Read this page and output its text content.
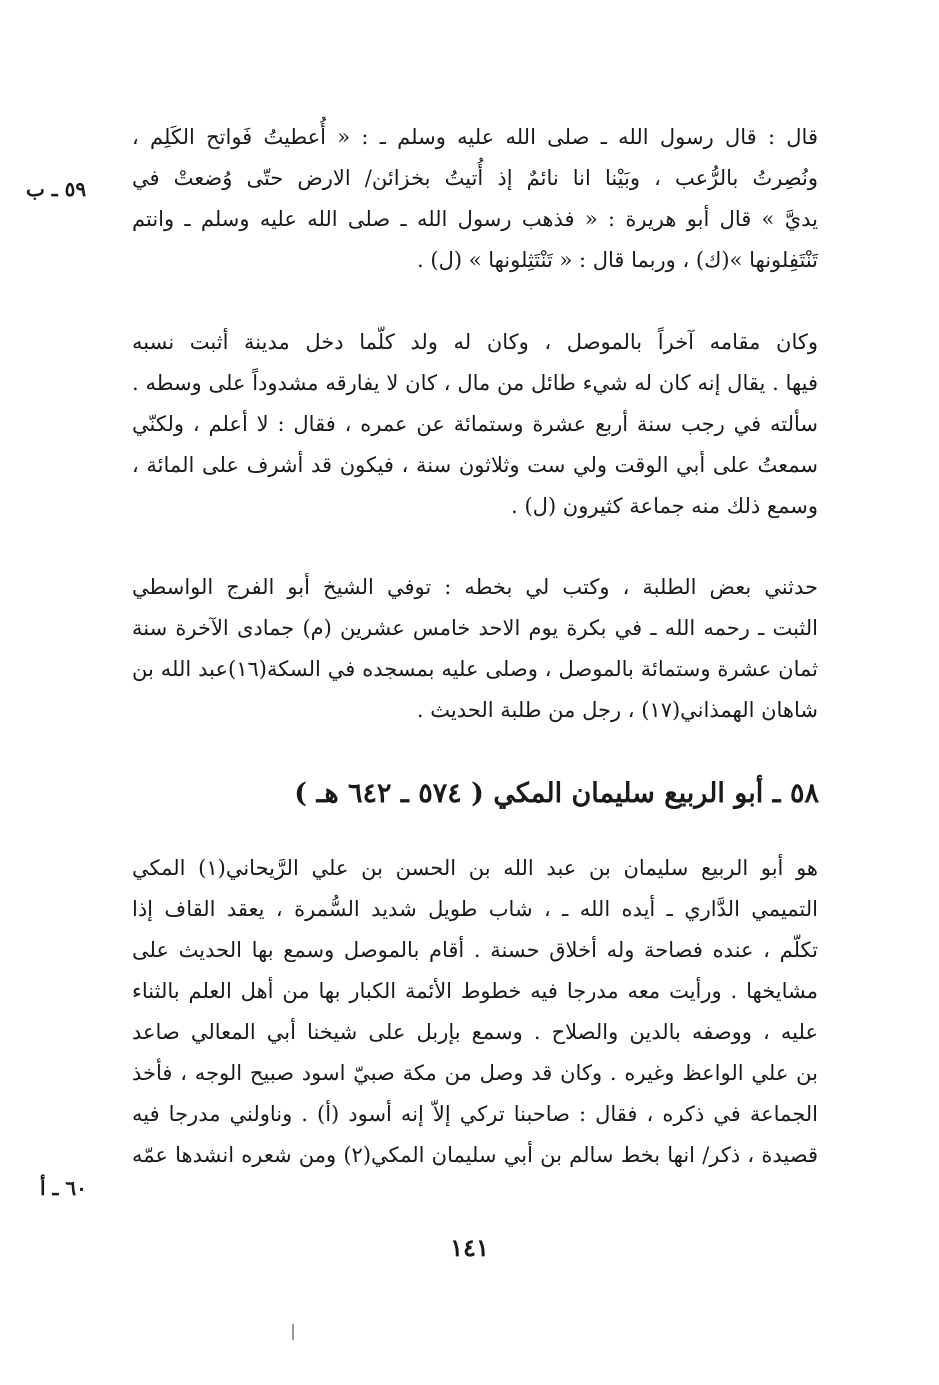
قال : قال رسول الله ـ صلى الله عليه وسلم ـ : « أُعطيتُ فَواتح الكَلِم ،
ونُصِرتُ بالرُّعب ، وبَيْنا انا نائمٌ إذ أُتيتُ بخزائن/ الارض حتّى وُضعتْ في
يديَّ » قال أبو هريرة : « فذهب رسول الله ـ صلى الله عليه وسلم ـ وانتم
تَنْتَفِلونها »(ك) ، وربما قال : « تَنْتَثِلونها » (ل) .
٥٩ ـ ب
وكان مقامه آخراً بالموصل ، وكان له ولد كلّما دخل مدينة أثبت نسبه
فيها . يقال إنه كان له شيء طائل من مال ، كان لا يفارقه مشدوداً على وسطه .
سألته في رجب سنة أربع عشرة وستمائة عن عمره ، فقال : لا أعلم ، ولكنّي
سمعتُ على أبي الوقت ولي ست وثلاثون سنة ، فيكون قد أشرف على المائة ،
وسمع ذلك منه جماعة كثيرون (ل) .
حدثني بعض الطلبة ، وكتب لي بخطه : توفي الشيخ أبو الفرج الواسطي
الثبت ـ رحمه الله ـ في بكرة يوم الاحد خامس عشرين (م) جمادى الآخرة سنة
ثمان عشرة وستمائة بالموصل ، وصلى عليه بمسجده في السكة(١٦)عبد الله بن
شاهان الهمذاني(١٧) ، رجل من طلبة الحديث .
٥٨ ـ أبو الربيع سليمان المكي ( ٥٧٤ ـ ٦٤٢ هـ )
هو أبو الربيع سليمان بن عبد الله بن الحسن بن علي الرَّيحاني(١) المكي
التميمي الدَّاري ـ أيده الله ـ ، شاب طويل شديد السُّمرة ، يعقد القاف إذا
تكلّم ، عنده فصاحة وله أخلاق حسنة . أقام بالموصل وسمع بها الحديث على
مشايخها . ورأيت معه مدرجا فيه خطوط الأئمة الكبار بها من أهل العلم بالثناء
عليه ، ووصفه بالدين والصلاح . وسمع بإربل على شيخنا أبي المعالي صاعد
بن علي الواعظ وغيره . وكان قد وصل من مكة صبيّ اسود صبيح الوجه ، فأخذ
الجماعة في ذكره ، فقال : صاحبنا تركي إلاّ إنه أسود (أ) . وناولني مدرجا فيه
قصيدة ، ذكر/ انها بخط سالم بن أبي سليمان المكي(٢) ومن شعره انشدها عمّه
٦٠ ـ أ
١٤١
